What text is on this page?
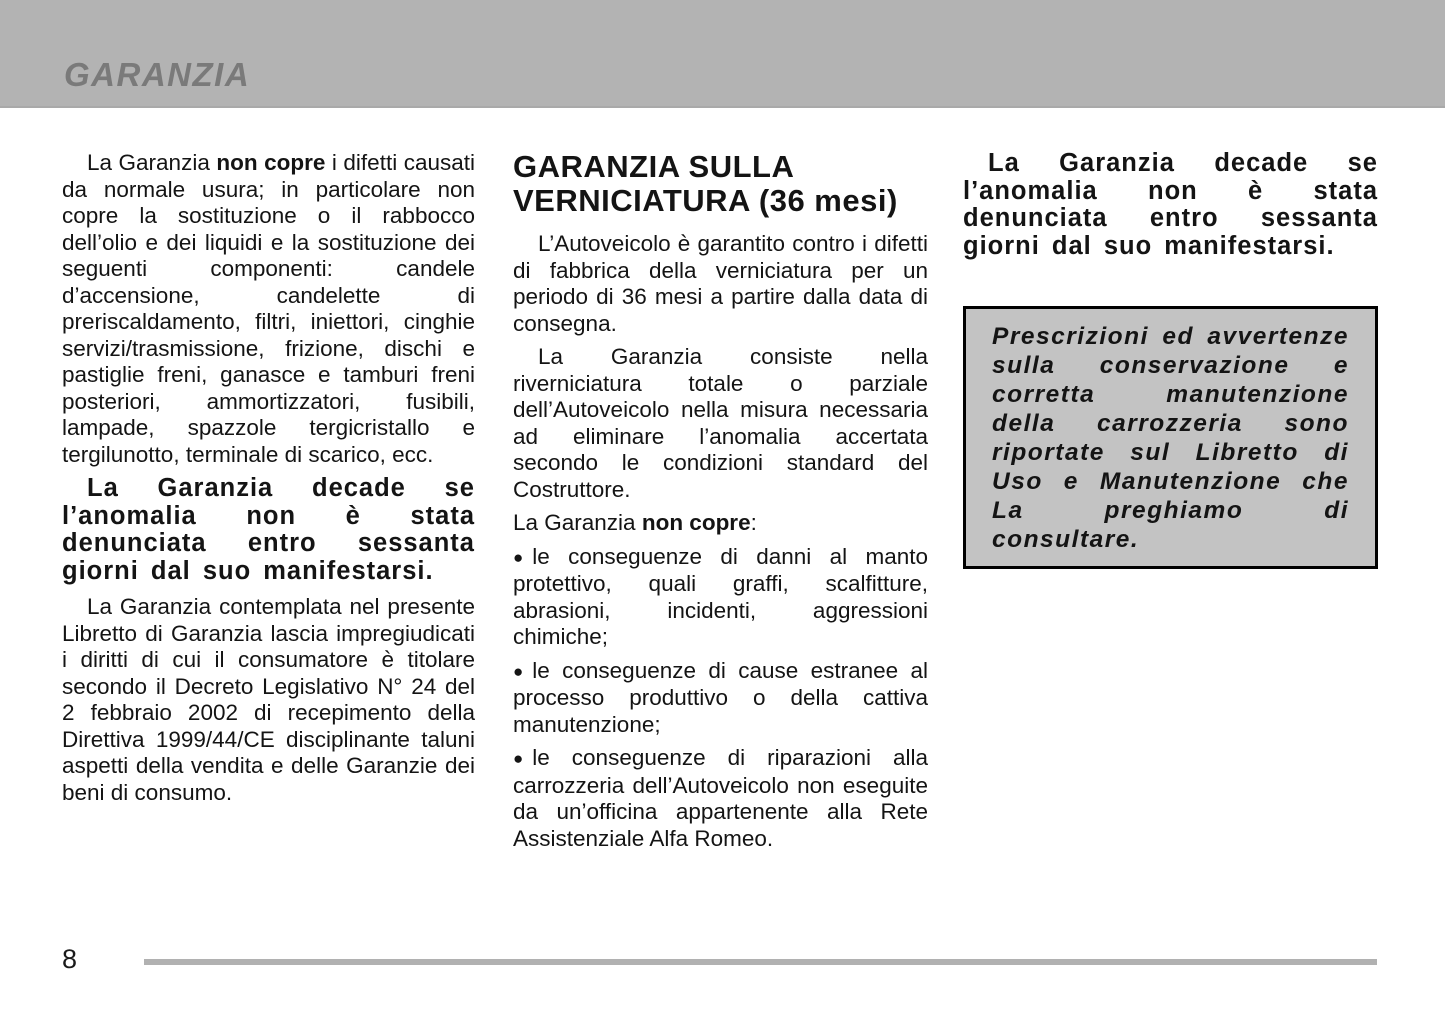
GARANZIA

La Garanzia non copre i difetti causati da normale usura; in particolare non copre la sostituzione o il rabbocco dell’olio e dei liquidi e la sostituzione dei seguenti componenti: candele d’accensione, candelette di preriscaldamento, filtri, iniettori, cinghie servizi/trasmissione, frizione, dischi e pastiglie freni, ganasce e tamburi freni posteriori, ammortizzatori, fusibili, lampade, spazzole tergicristallo e tergilunotto, terminale di scarico, ecc.

La Garanzia decade se l’anomalia non è stata denunciata entro sessanta giorni dal suo manifestarsi.

La Garanzia contemplata nel presente Libretto di Garanzia lascia impregiudicati i diritti di cui il consumatore è titolare secondo il Decreto Legislativo N° 24 del 2 febbraio 2002 di recepimento della Direttiva 1999/44/CE disciplinante taluni aspetti della vendita e delle Garanzie dei beni di consumo.

GARANZIA SULLA VERNICIATURA (36 mesi)

L’Autoveicolo è garantito contro i difetti di fabbrica della verniciatura per un periodo di 36 mesi a partire dalla data di consegna.

La Garanzia consiste nella riverniciatura totale o parziale dell’Autoveicolo nella misura necessaria ad eliminare l’anomalia accertata secondo le condizioni standard del Costruttore.

La Garanzia non copre:

● le conseguenze di danni al manto protettivo, quali graffi, scalfitture, abrasioni, incidenti, aggressioni chimiche;

● le conseguenze di cause estranee al processo produttivo o della cattiva manutenzione;

● le conseguenze di riparazioni alla carrozzeria dell’Autoveicolo non eseguite da un’officina appartenente alla Rete Assistenziale Alfa Romeo.

La Garanzia decade se l’anomalia non è stata denunciata entro sessanta giorni dal suo manifestarsi.

Prescrizioni ed avvertenze sulla conservazione e corretta manutenzione della carrozzeria sono riportate sul Libretto di Uso e Manutenzione che La preghiamo di consultare.

8
